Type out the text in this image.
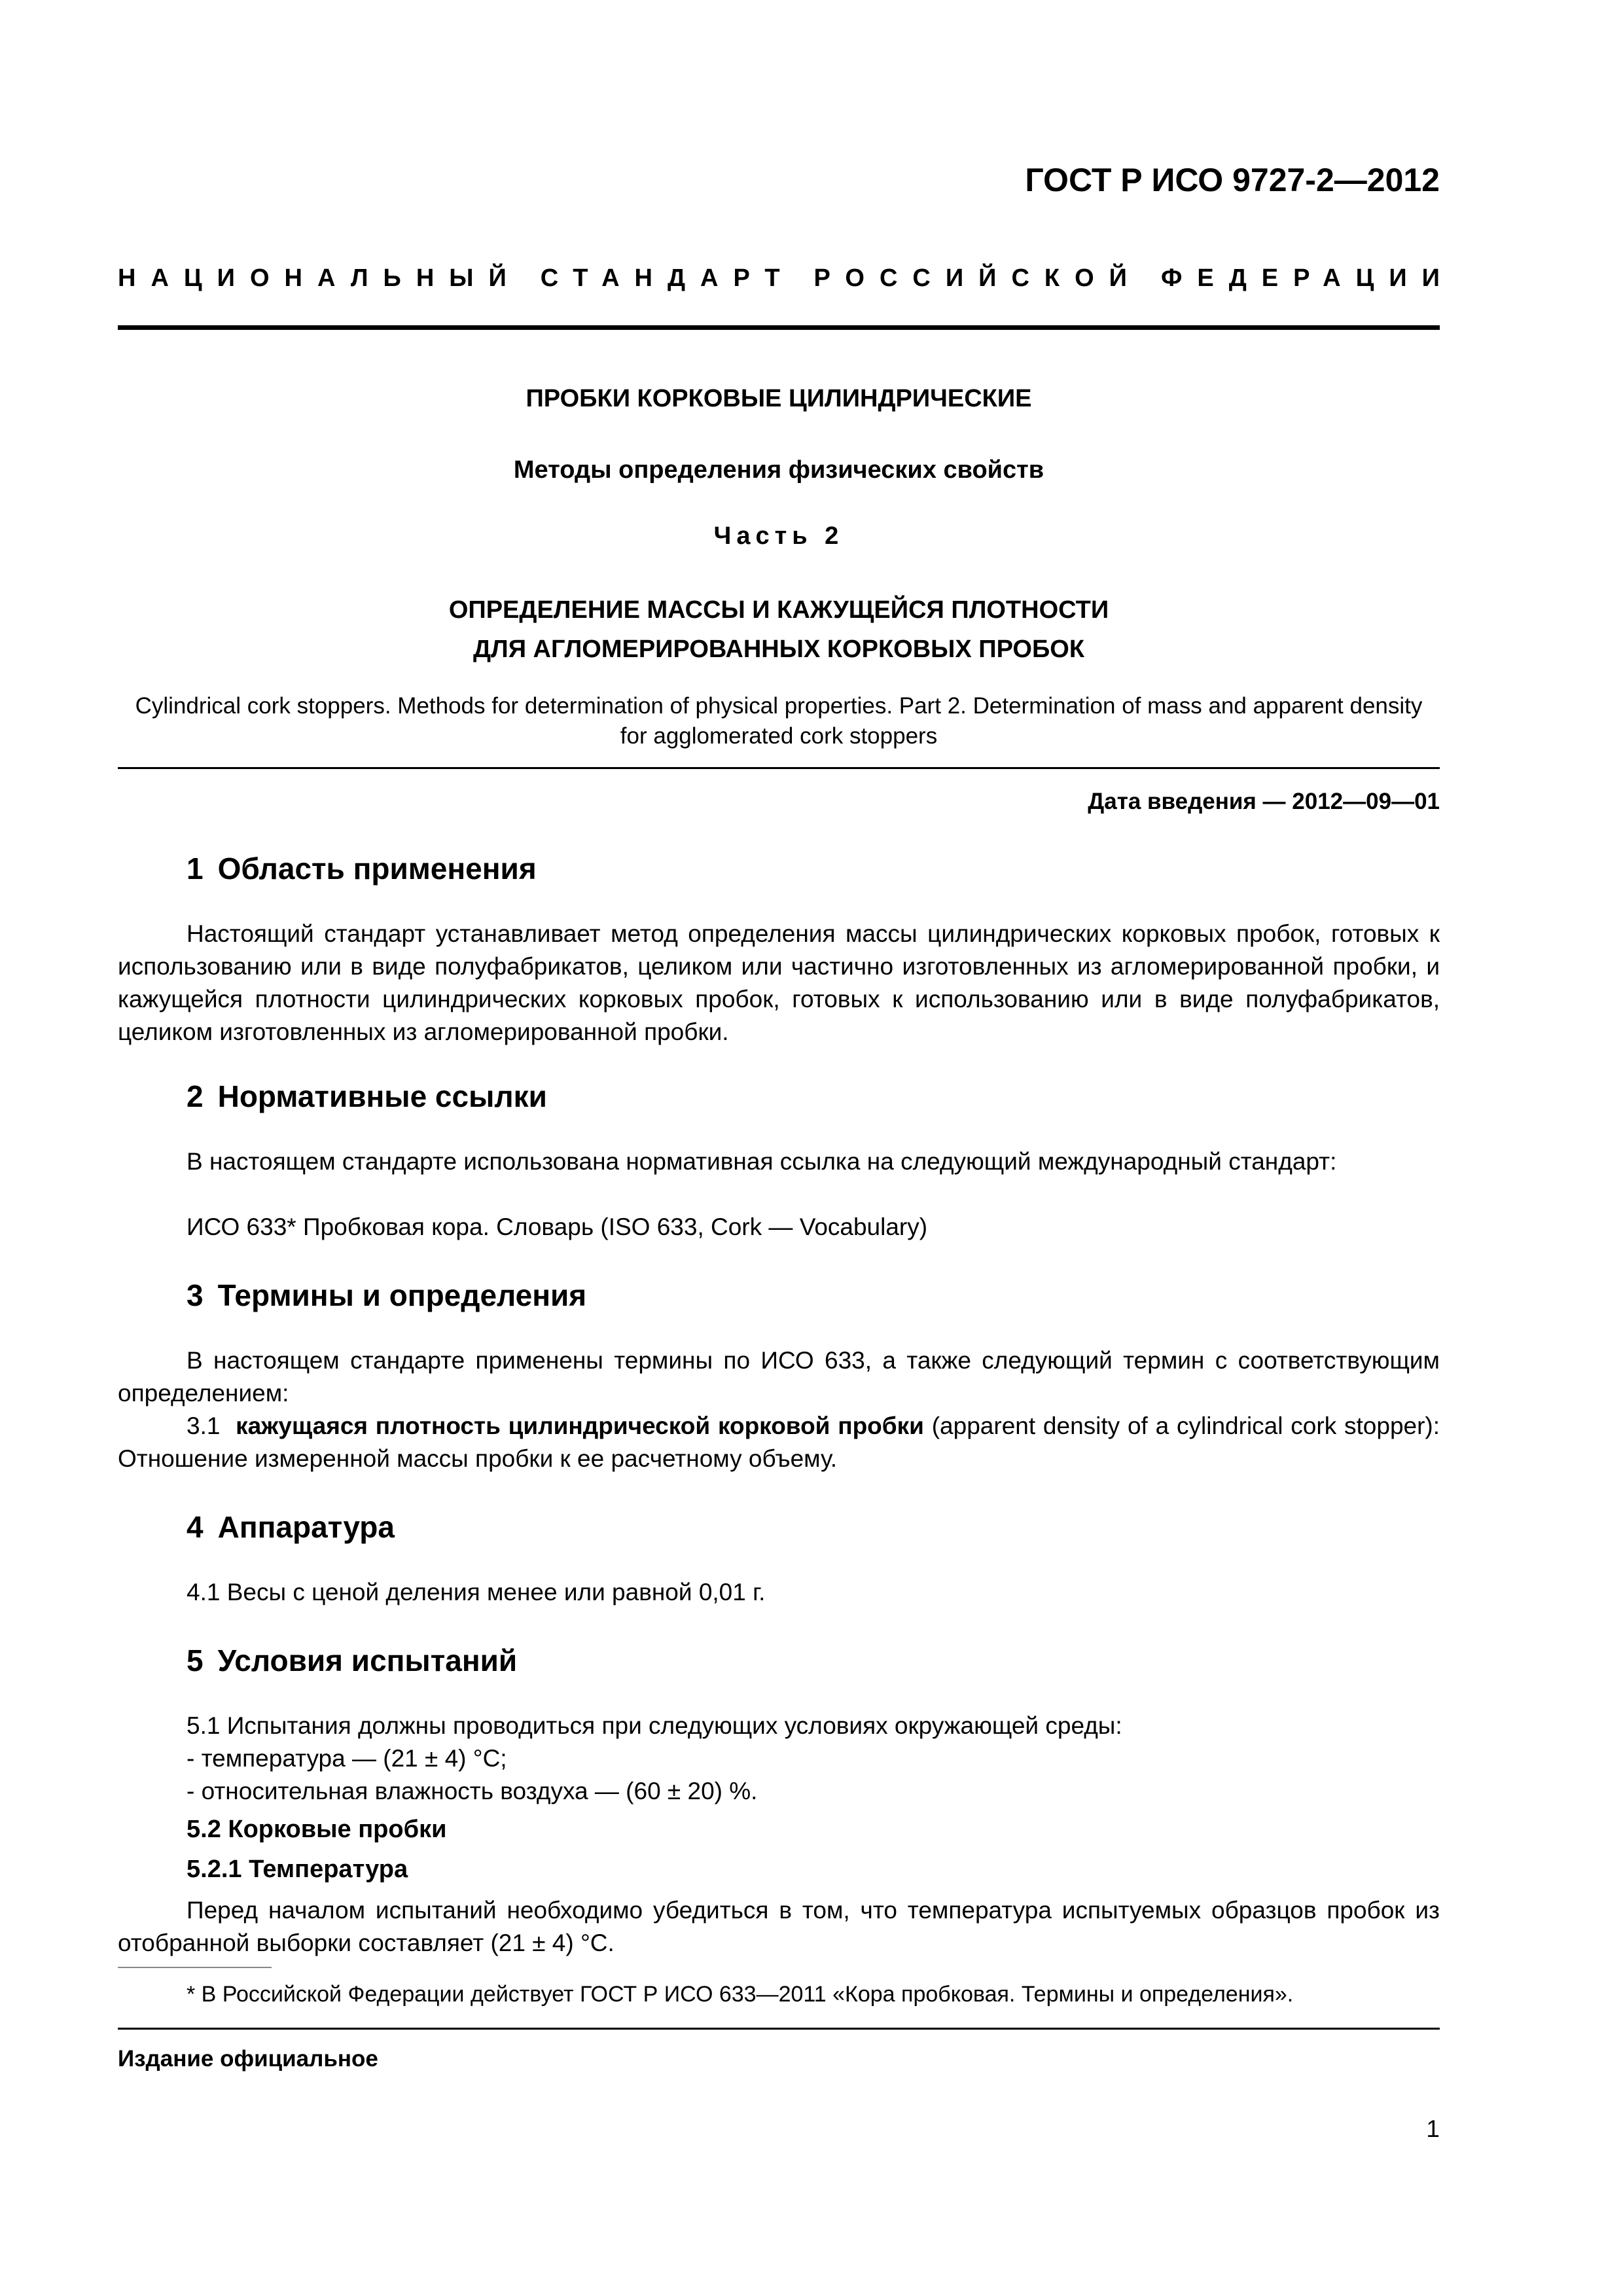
ГОСТ Р ИСО 9727-2—2012
НАЦИОНАЛЬНЫЙ СТАНДАРТ РОССИЙСКОЙ ФЕДЕРАЦИИ
ПРОБКИ КОРКОВЫЕ ЦИЛИНДРИЧЕСКИЕ
Методы определения физических свойств
Часть 2
ОПРЕДЕЛЕНИЕ МАССЫ И КАЖУЩЕЙСЯ ПЛОТНОСТИ
ДЛЯ АГЛОМЕРИРОВАННЫХ КОРКОВЫХ ПРОБОК
Cylindrical cork stoppers. Methods for determination of physical properties. Part 2. Determination of mass and apparent density for agglomerated cork stoppers
Дата введения — 2012—09—01
1 Область применения
Настоящий стандарт устанавливает метод определения массы цилиндрических корковых пробок, готовых к использованию или в виде полуфабрикатов, целиком или частично изготовленных из агломерированной пробки, и кажущейся плотности цилиндрических корковых пробок, готовых к использованию или в виде полуфабрикатов, целиком изготовленных из агломерированной пробки.
2 Нормативные ссылки
В настоящем стандарте использована нормативная ссылка на следующий международный стандарт:
ИСО 633* Пробковая кора. Словарь (ISO 633, Cork — Vocabulary)
3 Термины и определения
В настоящем стандарте применены термины по ИСО 633, а также следующий термин с соответствующим определением:
3.1 кажущаяся плотность цилиндрической корковой пробки (apparent density of a cylindrical cork stopper): Отношение измеренной массы пробки к ее расчетному объему.
4 Аппаратура
4.1 Весы с ценой деления менее или равной 0,01 г.
5 Условия испытаний
5.1 Испытания должны проводиться при следующих условиях окружающей среды:
- температура — (21 ± 4) °С;
- относительная влажность воздуха — (60 ± 20) %.
5.2 Корковые пробки
5.2.1 Температура
Перед началом испытаний необходимо убедиться в том, что температура испытуемых образцов пробок из отобранной выборки составляет (21 ± 4) °С.
* В Российской Федерации действует ГОСТ Р ИСО 633—2011 «Кора пробковая. Термины и определения».
Издание официальное
1
